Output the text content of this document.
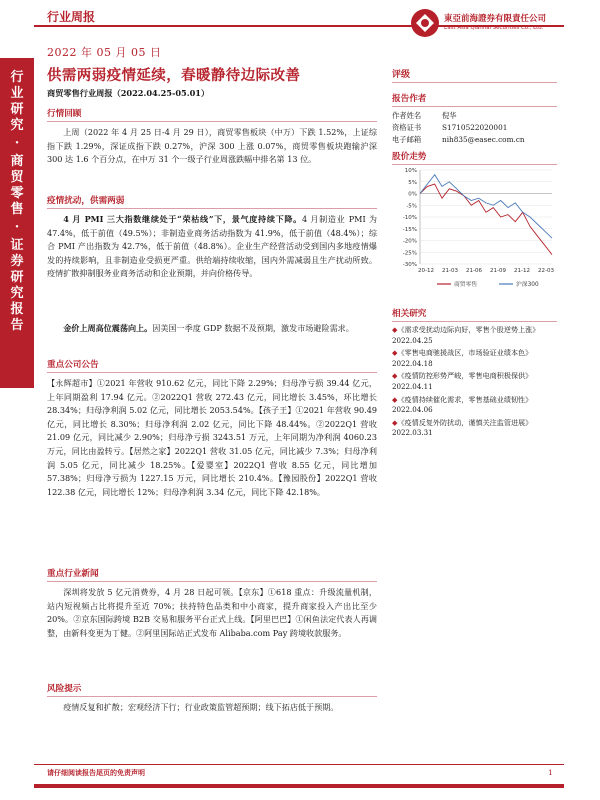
行业周报
2022 年 05 月 05 日
東亞前海證券有限責任公司
East Asia Qianhai Securities Co., Ltd.
行
业
研
究
·
商
贸
零
售
·
证
券
研
究
报
告
供需两弱疫情延续，春暖静待边际改善
商贸零售行业周报（2022.04.25-05.01）
行情回顾
上周（2022 年 4 月 25 日-4 月 29 日），商贸零售板块（中万）下跌 1.52%，上证综指下跌 1.29%，深证成指下跌 0.27%，沪深 300 上涨 0.07%，商贸零售板块跑输沪深 300 达 1.6 个百分点，在中万 31 个一级子行业周涨跌幅中排名第 13 位。
疫情扰动，供需两弱
4 月 PMI 三大指数继续处于“荣枯线”下，景气度持续下降。4 月制造业 PMI 为 47.4%，低于前值（49.5%）；非制造业商务活动指数为 41.9%，低于前值（48.4%）；综合 PMI 产出指数为 42.7%，低于前值（48.8%）。企业生产经营活动受到国内多地疫情爆发的持续影响，且非制造业受损更严重。供给端持续收缩，国内外需减弱且生产扰动所致。疫情扩散抑制服务业商务活动和企业预期，并向价格传导。
金价上周高位震荡向上。因美国一季度 GDP 数据不及预期，激发市场避险需求。
重点公司公告
【永辉超市】①2021 年营收 910.62 亿元，同比下降 2.29%；归母净亏损 39.44 亿元，上年同期盈利 17.94 亿元。②2022Q1 营收 272.43 亿元，同比增长 3.45%，环比增长 28.34%；归母净利润 5.02 亿元，同比增长 2053.54%。【孩子王】①2021 年营收 90.49 亿元，同比增长 8.30%；归母净利润 2.02 亿元，同比下降 48.44%。②2022Q1 营收 21.09 亿元，同比减少 2.90%；归母净亏损 3243.51 万元，上年同期为净利润 4060.23 万元，同比由盈转亏。【居然之家】2022Q1 营收 31.05 亿元，同比减少 7.3%；归母净利润 5.05 亿元，同比减少 18.25%。【爱婴室】2022Q1 营收 8.55 亿元，同比增加 57.38%；归母净亏损为 1227.15 万元，同比增长 210.4%。【豫园股份】2022Q1 营收 122.38 亿元，同比增长 12%；归母净利润 3.34 亿元，同比下降 42.18%。
重点行业新闻
深圳将发放 5 亿元消费券，4 月 28 日起可领。【京东】①618 重点：升级流量机制，站内短视频占比将提升至近 70%；扶持特色品类和中小商家，提升商家投入产出比至少 20%。②京东国际跨境 B2B 交易和服务平台正式上线。【阿里巴巴】①闲鱼法定代表人再调整，由新科变更为丁健。②阿里国际站正式发布 Alibaba.com Pay 跨境收款服务。
风险提示
疫情反复和扩散；宏观经济下行；行业政策监管超预期；线下拓店低于预期。
评级
报告作者
作者姓名	倪华
资格证书	S1710522020001
电子邮箱	nih835@easec.com.cn
股价走势
10%
5%
0%
-5%
-10%
-15%
-20%
-25%
-30%
20-12 21-03 21-06 21-09 21-12 22-03
商贸零售	沪深300
相关研究
◆《需求受扰动边际向好，零售个股逆势上涨》
2022.04.25
◆《零售电商驰援战区，市场验证业绩本色》
2022.04.18
◆《疫情防控形势严峻，零售电商积极保供》
2022.04.11
◆《疫情持续催化需求，零售基础业绩韧性》
2022.04.06
◆《疫情反复外防扰动，谨慎关注监管进展》
2022.03.31
请仔细阅读报告尾页的免责声明	1
